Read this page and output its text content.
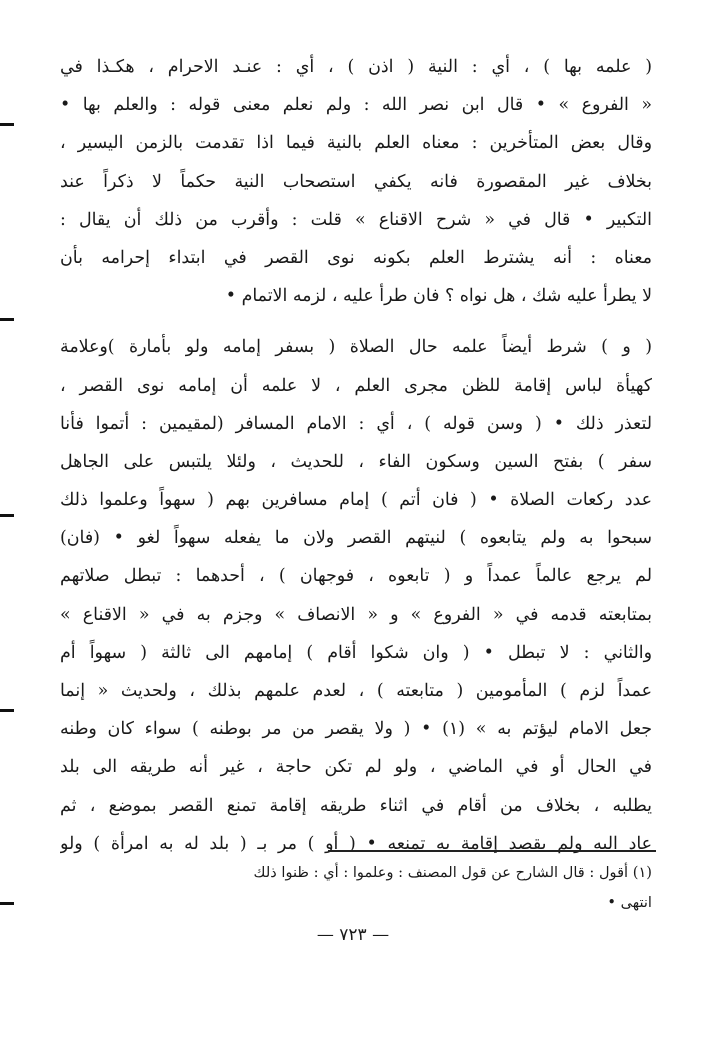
( علمه بها ) ، أي : النية ( اذن ) ، أي : عنـد الاحرام ، هكـذا في
« الفروع » • قال ابن نصر الله : ولم نعلم معنى قوله : والعلم بها •
وقال بعض المتأخرين : معناه العلم بالنية فيما اذا تقدمت بالزمن اليسير ،
بخلاف غير المقصورة فانه يكفي استصحاب النية حكماً لا ذكراً عند
التكبير • قال في « شرح الاقناع » قلت : وأقرب من ذلك أن يقال :
معناه : أنه يشترط العلم بكونه نوى القصر في ابتداء إحرامه بأن
لا يطرأ عليه شك ، هل نواه ؟ فان طرأ عليه ، لزمه الاتمام •
( و ) شرط أيضاً علمه حال الصلاة ( بسفر إمامه ولو بأمارة )وعلامة
كهيأة لباس إقامة للظن مجرى العلم ، لا علمه أن إمامه نوى القصر ،
لتعذر ذلك • ( وسن قوله ) ، أي : الامام المسافر (لمقيمين : أتموا فأنا
سفر ) بفتح السين وسكون الفاء ، للحديث ، ولئلا يلتبس على الجاهل
عدد ركعات الصلاة • ( فان أتم ) إمام مسافرين بهم ( سهواً وعلموا ذلك
سبحوا به ولم يتابعوه ) لنيتهم القصر ولان ما يفعله سهواً لغو • (فان)
لم يرجع عالماً عمداً و ( تابعوه ، فوجهان ) ، أحدهما : تبطل صلاتهم
بمتابعته قدمه في « الفروع » و « الانصاف » وجزم به في « الاقناع »
والثاني : لا تبطل • ( وان شكوا أقام ) إمامهم الى ثالثة ( سهواً أم
عمداً لزم ) المأمومين ( متابعته ) ، لعدم علمهم بذلك ، ولحديث « إنما
جعل الامام ليؤتم به » (١) • ( ولا يقصر من مر بوطنه ) سواء كان وطنه
في الحال أو في الماضي ، ولو لم تكن حاجة ، غير أنه طريقه الى بلد
يطلبه ، بخلاف من أقام في اثناء طريقه إقامة تمنع القصر بموضع ، ثم
عاد اليه ولم يقصد إقامة به تمنعه • ( أو ) مر بـ ( بلد له به امرأة ) ولو
(١) أقول : قال الشارح عن قول المصنف : وعلموا : أي : ظنوا ذلك
انتهى •
— ٧٢٣ —
